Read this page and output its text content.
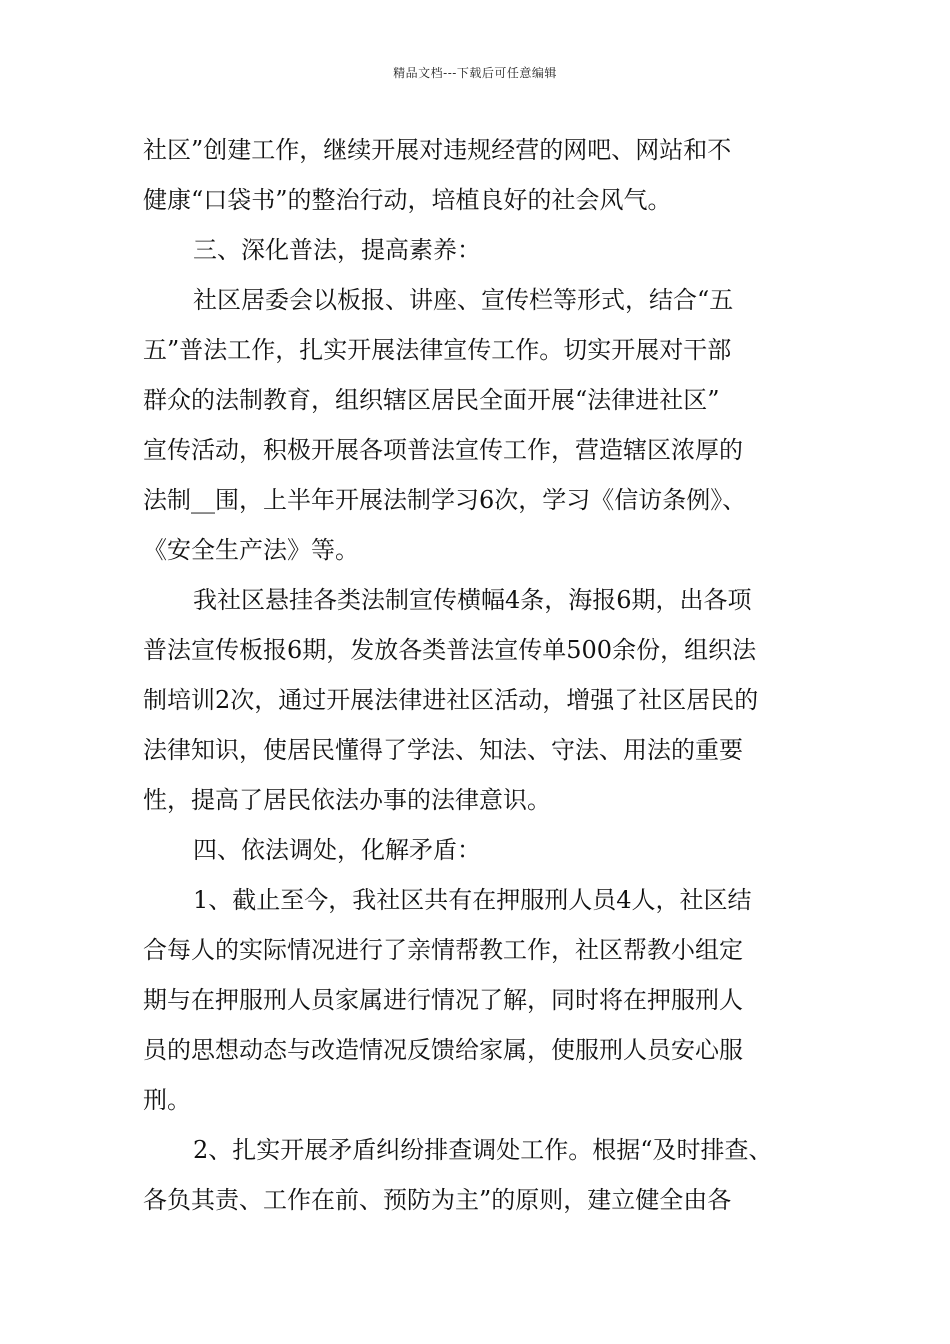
精品文档---下载后可任意编辑
社区”创建工作，继续开展对违规经营的网吧、网站和不
健康“口袋书”的整治行动，培植良好的社会风气。
三、深化普法，提高素养：
社区居委会以板报、讲座、宣传栏等形式，结合“五
五”普法工作，扎实开展法律宣传工作。切实开展对干部
群众的法制教育，组织辖区居民全面开展“法律进社区”
宣传活动，积极开展各项普法宣传工作，营造辖区浓厚的
法制__围，上半年开展法制学习6次，学习《信访条例》、
《安全生产法》等。
我社区悬挂各类法制宣传横幅4条，海报6期，出各项
普法宣传板报6期，发放各类普法宣传单500余份，组织法
制培训2次，通过开展法律进社区活动，增强了社区居民的
法律知识，使居民懂得了学法、知法、守法、用法的重要
性，提高了居民依法办事的法律意识。
四、依法调处，化解矛盾：
1、截止至今，我社区共有在押服刑人员4人，社区结
合每人的实际情况进行了亲情帮教工作，社区帮教小组定
期与在押服刑人员家属进行情况了解，同时将在押服刑人
员的思想动态与改造情况反馈给家属，使服刑人员安心服
刑。
2、扎实开展矛盾纠纷排查调处工作。根据“及时排查、
各负其责、工作在前、预防为主”的原则，建立健全由各
